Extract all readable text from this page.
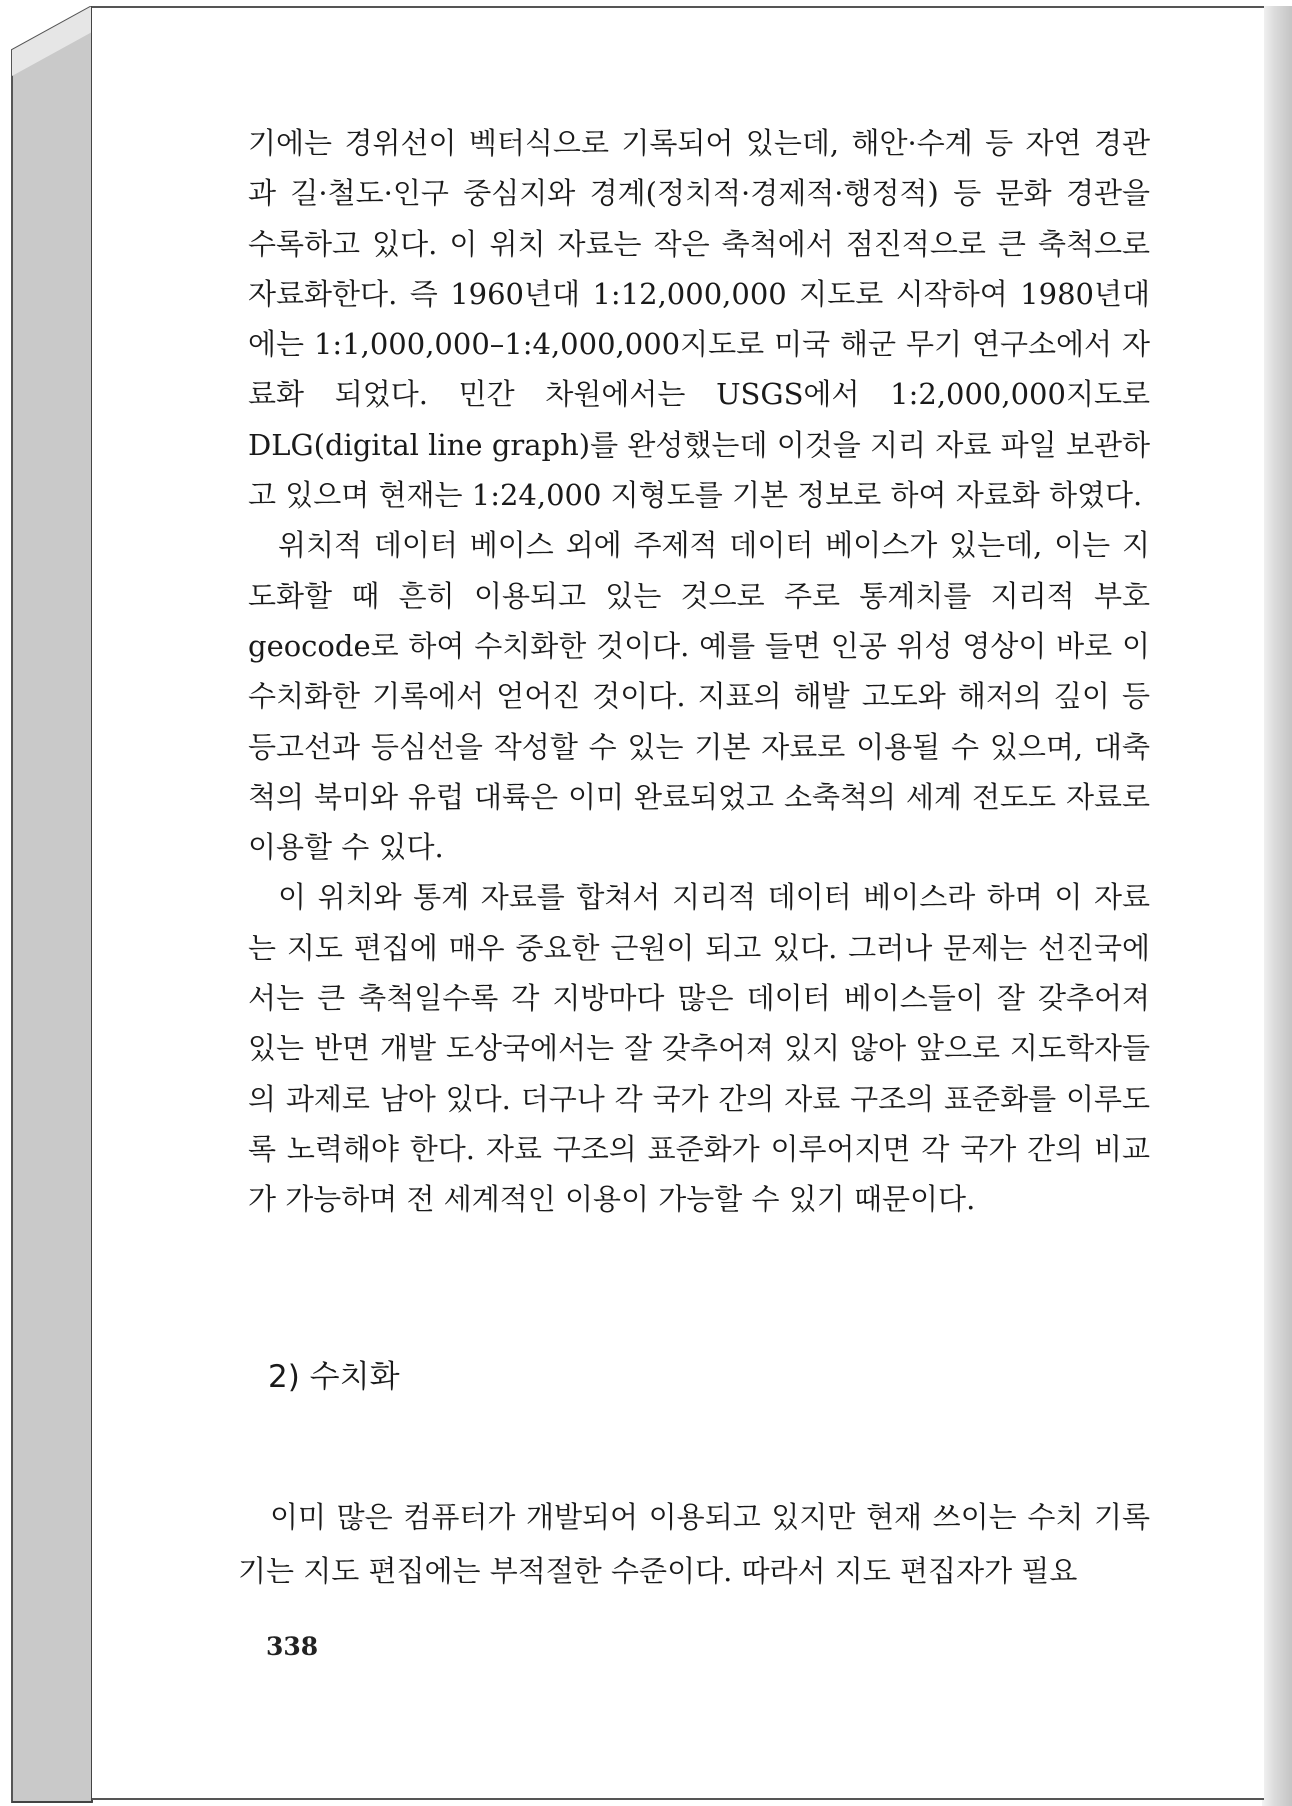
기에는 경위선이 벡터식으로 기록되어 있는데, 해안·수계 등 자연 경관과 길·철도·인구 중심지와 경계(정치적·경제적·행정적) 등 문화 경관을 수록하고 있다. 이 위치 자료는 작은 축척에서 점진적으로 큰 축척으로 자료화한다. 즉 1960년대 1:12,000,000 지도로 시작하여 1980년대에는 1:1,000,000–1:4,000,000지도로 미국 해군 무기 연구소에서 자료화 되었다. 민간 차원에서는 USGS에서 1:2,000,000지도로 DLG(digital line graph)를 완성했는데 이것을 지리 자료 파일 보관하고 있으며 현재는 1:24,000 지형도를 기본 정보로 하여 자료화 하였다.

위치적 데이터 베이스 외에 주제적 데이터 베이스가 있는데, 이는 지도화할 때 흔히 이용되고 있는 것으로 주로 통계치를 지리적 부호 geocode로 하여 수치화한 것이다. 예를 들면 인공 위성 영상이 바로 이 수치화한 기록에서 얻어진 것이다. 지표의 해발 고도와 해저의 깊이 등 등고선과 등심선을 작성할 수 있는 기본 자료로 이용될 수 있으며, 대축척의 북미와 유럽 대륙은 이미 완료되었고 소축척의 세계 전도도 자료로 이용할 수 있다.

이 위치와 통계 자료를 합쳐서 지리적 데이터 베이스라 하며 이 자료는 지도 편집에 매우 중요한 근원이 되고 있다. 그러나 문제는 선진국에서는 큰 축척일수록 각 지방마다 많은 데이터 베이스들이 잘 갖추어져 있는 반면 개발 도상국에서는 잘 갖추어져 있지 않아 앞으로 지도학자들의 과제로 남아 있다. 더구나 각 국가 간의 자료 구조의 표준화를 이루도록 노력해야 한다. 자료 구조의 표준화가 이루어지면 각 국가 간의 비교가 가능하며 전 세계적인 이용이 가능할 수 있기 때문이다.

2) 수치화

이미 많은 컴퓨터가 개발되어 이용되고 있지만 현재 쓰이는 수치 기록기는 지도 편집에는 부적절한 수준이다. 따라서 지도 편집자가 필요

338
